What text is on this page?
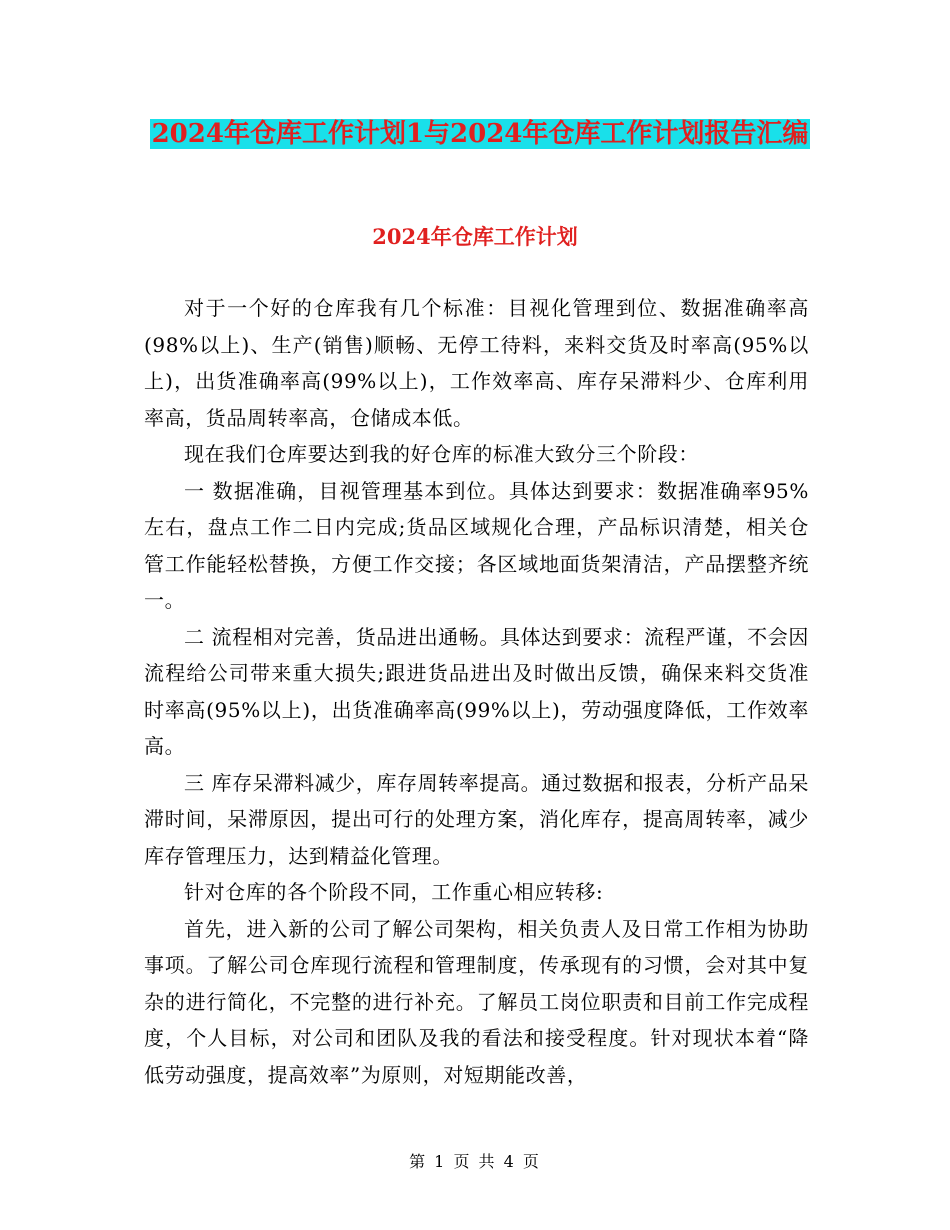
2024年仓库工作计划1与2024年仓库工作计划报告汇编
2024年仓库工作计划

对于一个好的仓库我有几个标准：目视化管理到位、数据准确率高(98%以上)、生产(销售)顺畅、无停工待料，来料交货及时率高(95%以上)，出货准确率高(99%以上)，工作效率高、库存呆滞料少、仓库利用率高，货品周转率高，仓储成本低。

现在我们仓库要达到我的好仓库的标准大致分三个阶段：

一 数据准确，目视管理基本到位。具体达到要求：数据准确率95%左右，盘点工作二日内完成;货品区域规化合理，产品标识清楚，相关仓管工作能轻松替换，方便工作交接；各区域地面货架清洁，产品摆整齐统一。

二 流程相对完善，货品进出通畅。具体达到要求：流程严谨，不会因流程给公司带来重大损失;跟进货品进出及时做出反馈，确保来料交货准时率高(95%以上)，出货准确率高(99%以上)，劳动强度降低，工作效率高。

三 库存呆滞料减少，库存周转率提高。通过数据和报表，分析产品呆滞时间，呆滞原因，提出可行的处理方案，消化库存，提高周转率，减少库存管理压力，达到精益化管理。

针对仓库的各个阶段不同，工作重心相应转移:

首先，进入新的公司了解公司架构，相关负责人及日常工作相为协助事项。了解公司仓库现行流程和管理制度，传承现有的习惯，会对其中复杂的进行简化，不完整的进行补充。了解员工岗位职责和目前工作完成程度，个人目标，对公司和团队及我的看法和接受程度。针对现状本着“降低劳动强度，提高效率”为原则，对短期能改善，

第 1 页 共 4 页
